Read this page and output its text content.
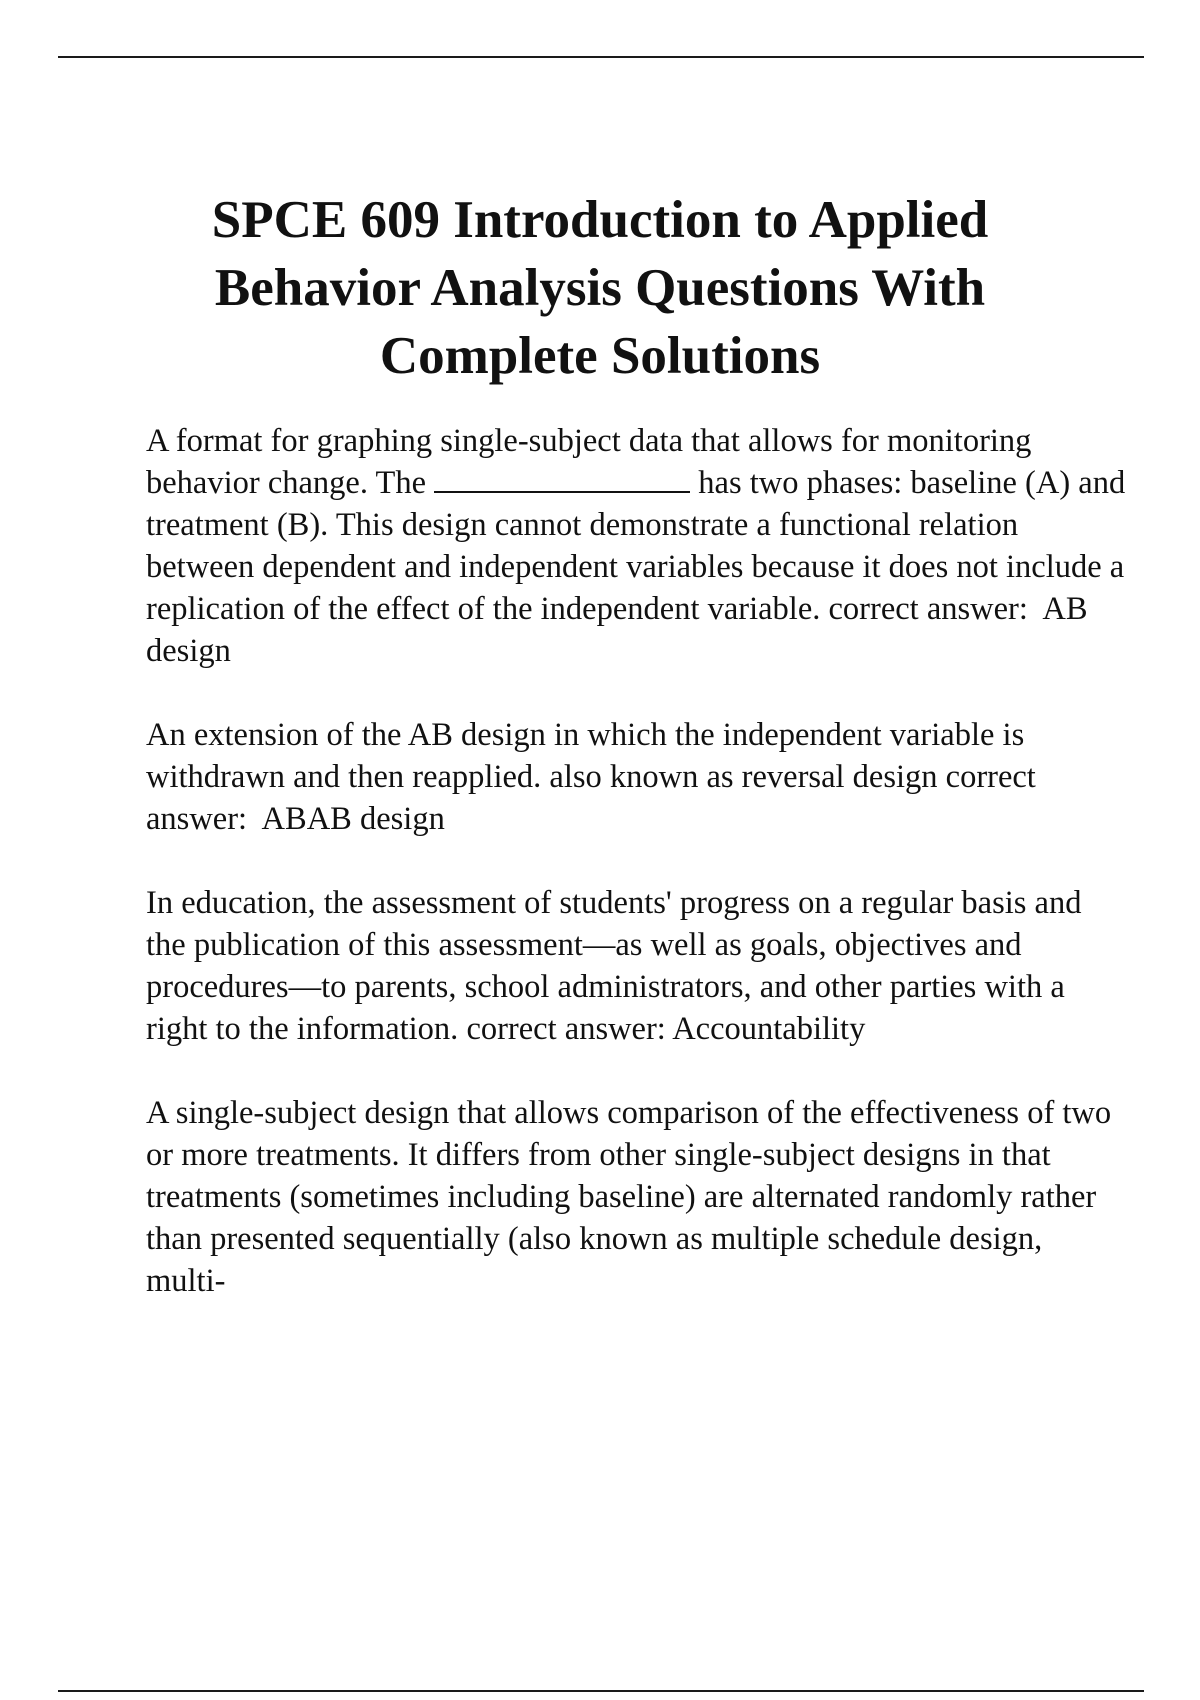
SPCE 609 Introduction to Applied
Behavior Analysis Questions With
Complete Solutions

A format for graphing single-subject data that allows for monitoring behavior change. The	has two phases: baseline (A) and treatment (B). This design cannot demonstrate a functional relation between dependent and independent variables because it does not include a replication of the effect of the independent variable. correct answer: AB design

An extension of the AB design in which the independent variable is withdrawn and then reapplied. also known as reversal design correct answer: ABAB design

In education, the assessment of students' progress on a regular basis and the publication of this assessment—as well as goals, objectives and procedures—to parents, school administrators, and other parties with a right to the information. correct answer: Accountability

A single-subject design that allows comparison of the effectiveness of two or more treatments. It differs from other single-subject designs in that treatments (sometimes including baseline) are alternated randomly rather than presented sequentially (also known as multiple schedule design, multi-
